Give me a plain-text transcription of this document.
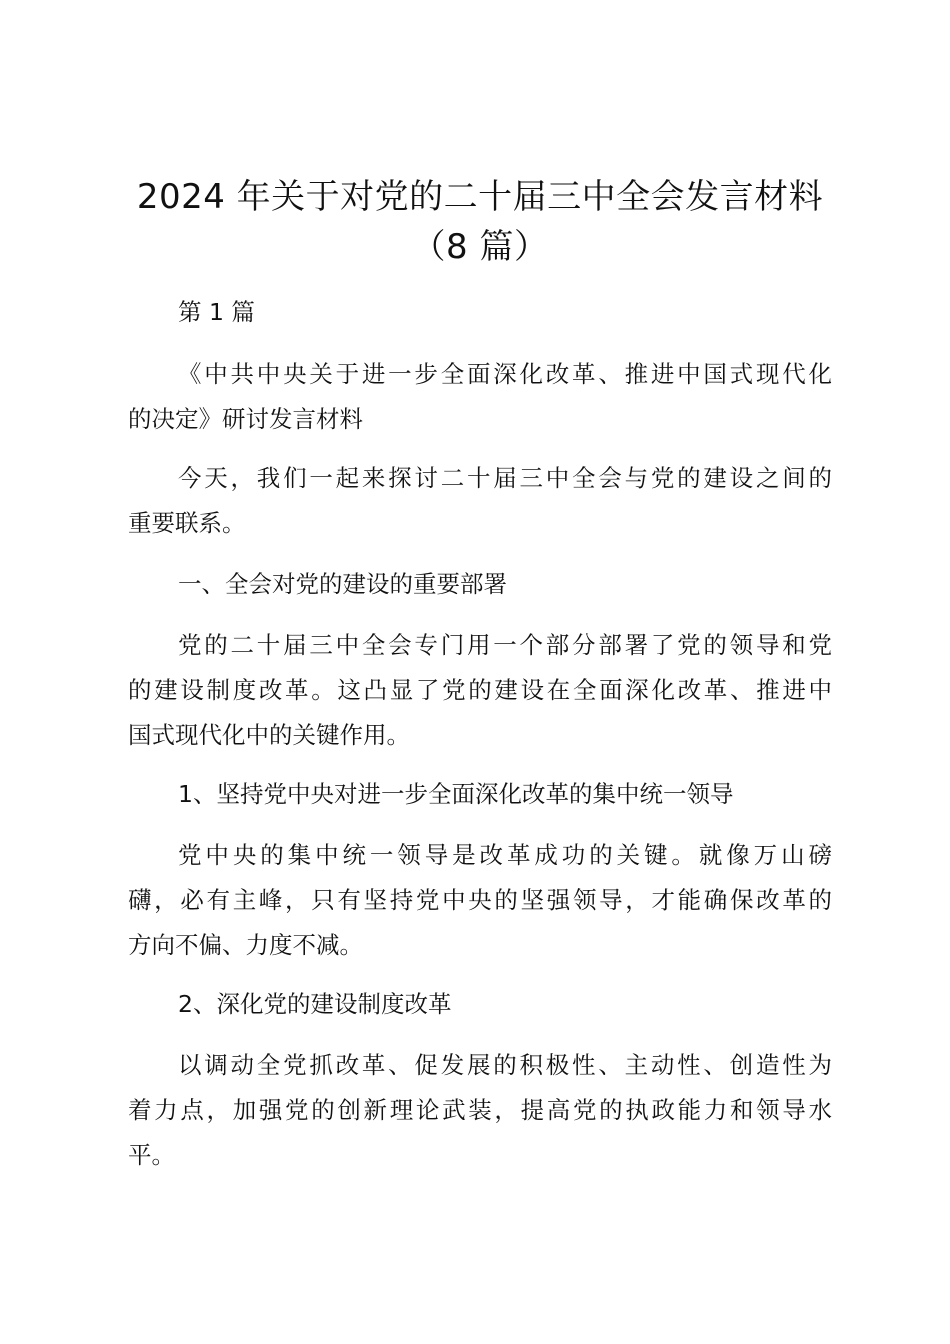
2024 年关于对党的二十届三中全会发言材料
（8 篇）
第 1 篇
《中共中央关于进一步全面深化改革、推进中国式现代化
的决定》研讨发言材料
今天，我们一起来探讨二十届三中全会与党的建设之间的
重要联系。
一、全会对党的建设的重要部署
党的二十届三中全会专门用一个部分部署了党的领导和党
的建设制度改革。这凸显了党的建设在全面深化改革、推进中
国式现代化中的关键作用。
1、坚持党中央对进一步全面深化改革的集中统一领导
党中央的集中统一领导是改革成功的关键。就像万山磅
礴，必有主峰，只有坚持党中央的坚强领导，才能确保改革的
方向不偏、力度不减。
2、深化党的建设制度改革
以调动全党抓改革、促发展的积极性、主动性、创造性为
着力点，加强党的创新理论武装，提高党的执政能力和领导水
平。
